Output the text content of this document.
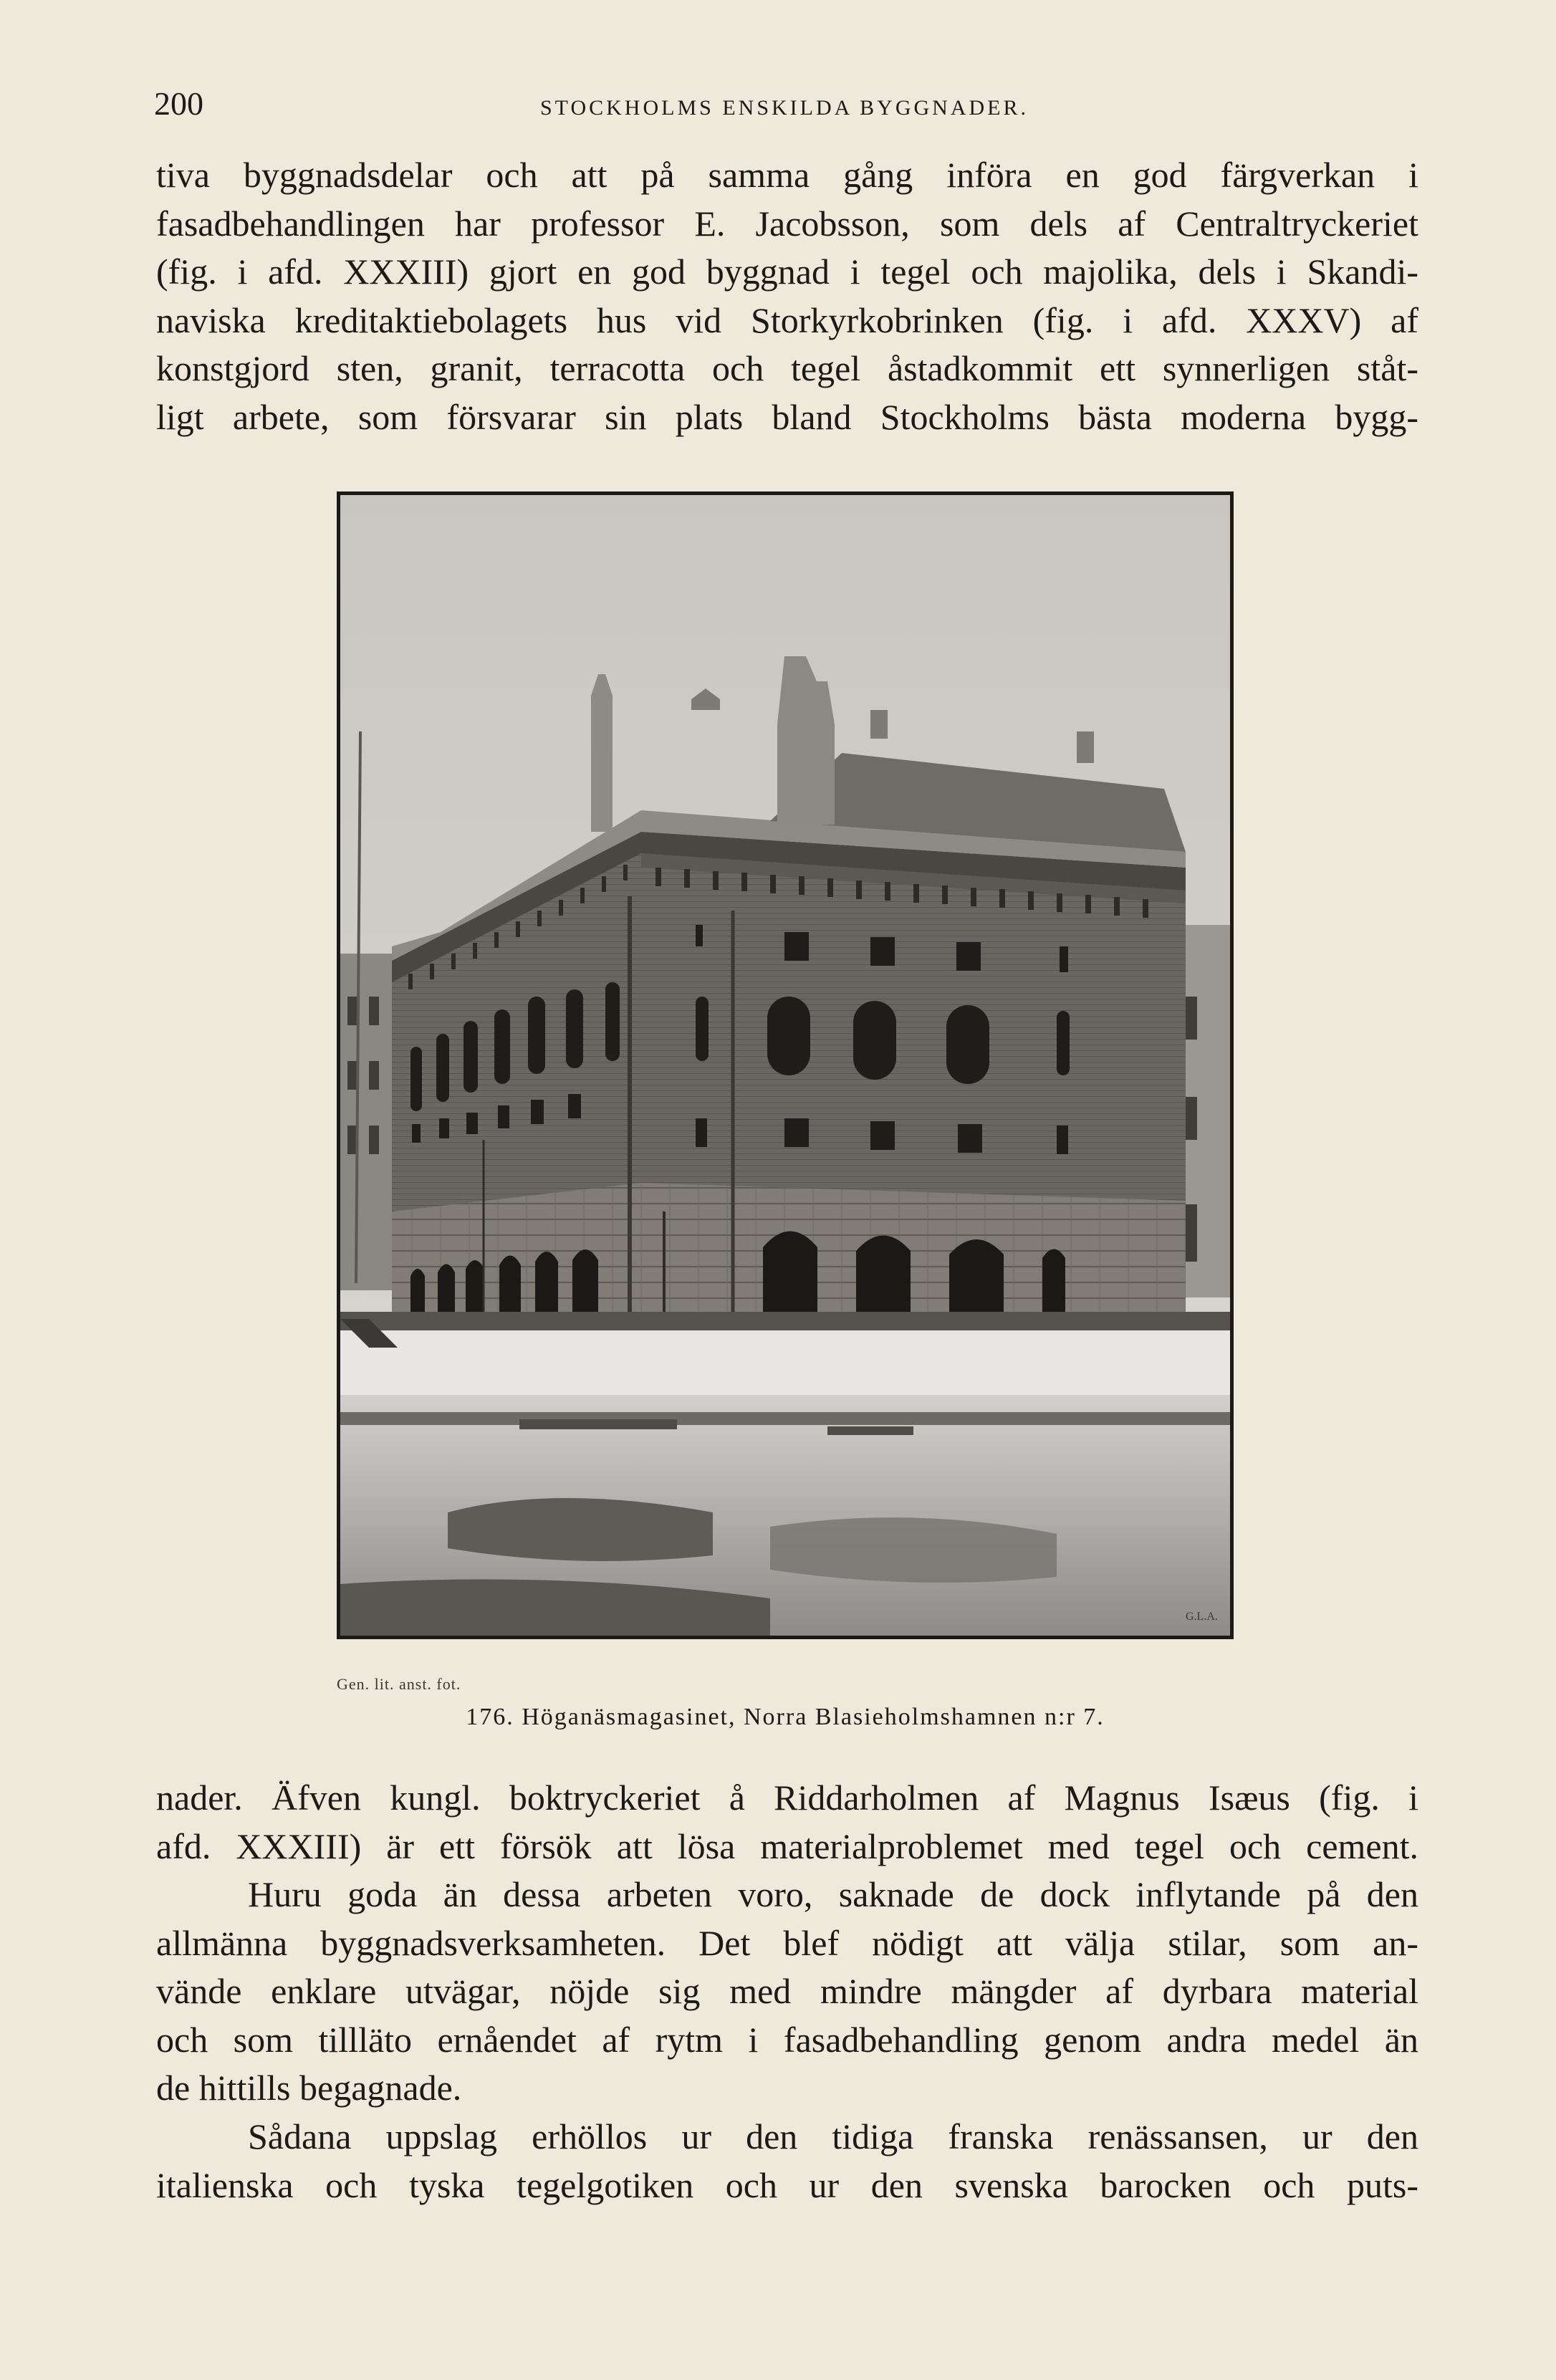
200	STOCKHOLMS ENSKILDA BYGGNADER.
tiva byggnadsdelar och att på samma gång införa en god färgverkan i
fasadbehandlingen har professor E. Jacobsson, som dels af Centraltryckeriet
(fig. i afd. XXXIII) gjort en god byggnad i tegel och majolika, dels i Skandi-
naviska kreditaktiebolagets hus vid Storkyrkobrinken (fig. i afd. XXXV) af
konstgjord sten, granit, terracotta och tegel åstadkommit ett synnerligen ståt-
ligt arbete, som försvarar sin plats bland Stockholms bästa moderna bygg-
G.L.A.
Gen. lit. anst. fot.
176. Höganäsmagasinet, Norra Blasieholmshamnen n:r 7.
nader. Äfven kungl. boktryckeriet å Riddarholmen af Magnus Isæus (fig. i
afd. XXXIII) är ett försök att lösa materialproblemet med tegel och cement.
Huru goda än dessa arbeten voro, saknade de dock inflytande på den
allmänna byggnadsverksamheten. Det blef nödigt att välja stilar, som an-
vände enklare utvägar, nöjde sig med mindre mängder af dyrbara material
och som tillläto ernåendet af rytm i fasadbehandling genom andra medel än
de hittills begagnade.
Sådana uppslag erhöllos ur den tidiga franska renässansen, ur den
italienska och tyska tegelgotiken och ur den svenska barocken och puts-
